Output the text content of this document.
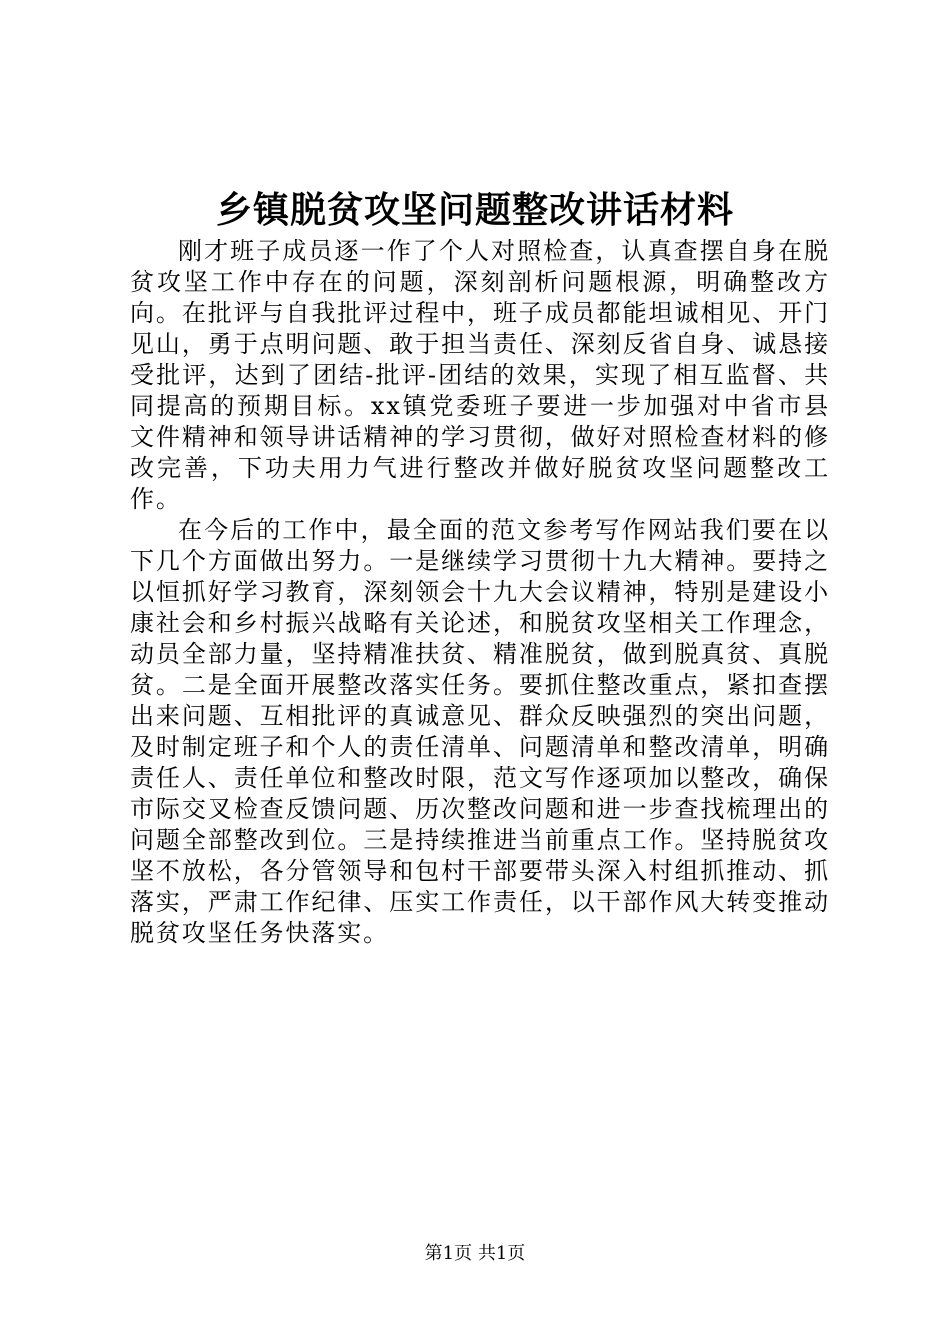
乡镇脱贫攻坚问题整改讲话材料

刚才班子成员逐一作了个人对照检查，认真查摆自身在脱贫攻坚工作中存在的问题，深刻剖析问题根源，明确整改方向。在批评与自我批评过程中，班子成员都能坦诚相见、开门见山，勇于点明问题、敢于担当责任、深刻反省自身、诚恳接受批评，达到了团结-批评-团结的效果，实现了相互监督、共同提高的预期目标。xx镇党委班子要进一步加强对中省市县文件精神和领导讲话精神的学习贯彻，做好对照检查材料的修改完善，下功夫用力气进行整改并做好脱贫攻坚问题整改工作。

在今后的工作中，最全面的范文参考写作网站我们要在以下几个方面做出努力。一是继续学习贯彻十九大精神。要持之以恒抓好学习教育，深刻领会十九大会议精神，特别是建设小康社会和乡村振兴战略有关论述，和脱贫攻坚相关工作理念，动员全部力量，坚持精准扶贫、精准脱贫，做到脱真贫、真脱贫。二是全面开展整改落实任务。要抓住整改重点，紧扣查摆出来问题、互相批评的真诚意见、群众反映强烈的突出问题，及时制定班子和个人的责任清单、问题清单和整改清单，明确责任人、责任单位和整改时限，范文写作逐项加以整改，确保市际交叉检查反馈问题、历次整改问题和进一步查找梳理出的问题全部整改到位。三是持续推进当前重点工作。坚持脱贫攻坚不放松，各分管领导和包村干部要带头深入村组抓推动、抓落实，严肃工作纪律、压实工作责任，以干部作风大转变推动脱贫攻坚任务快落实。

第1页 共1页
